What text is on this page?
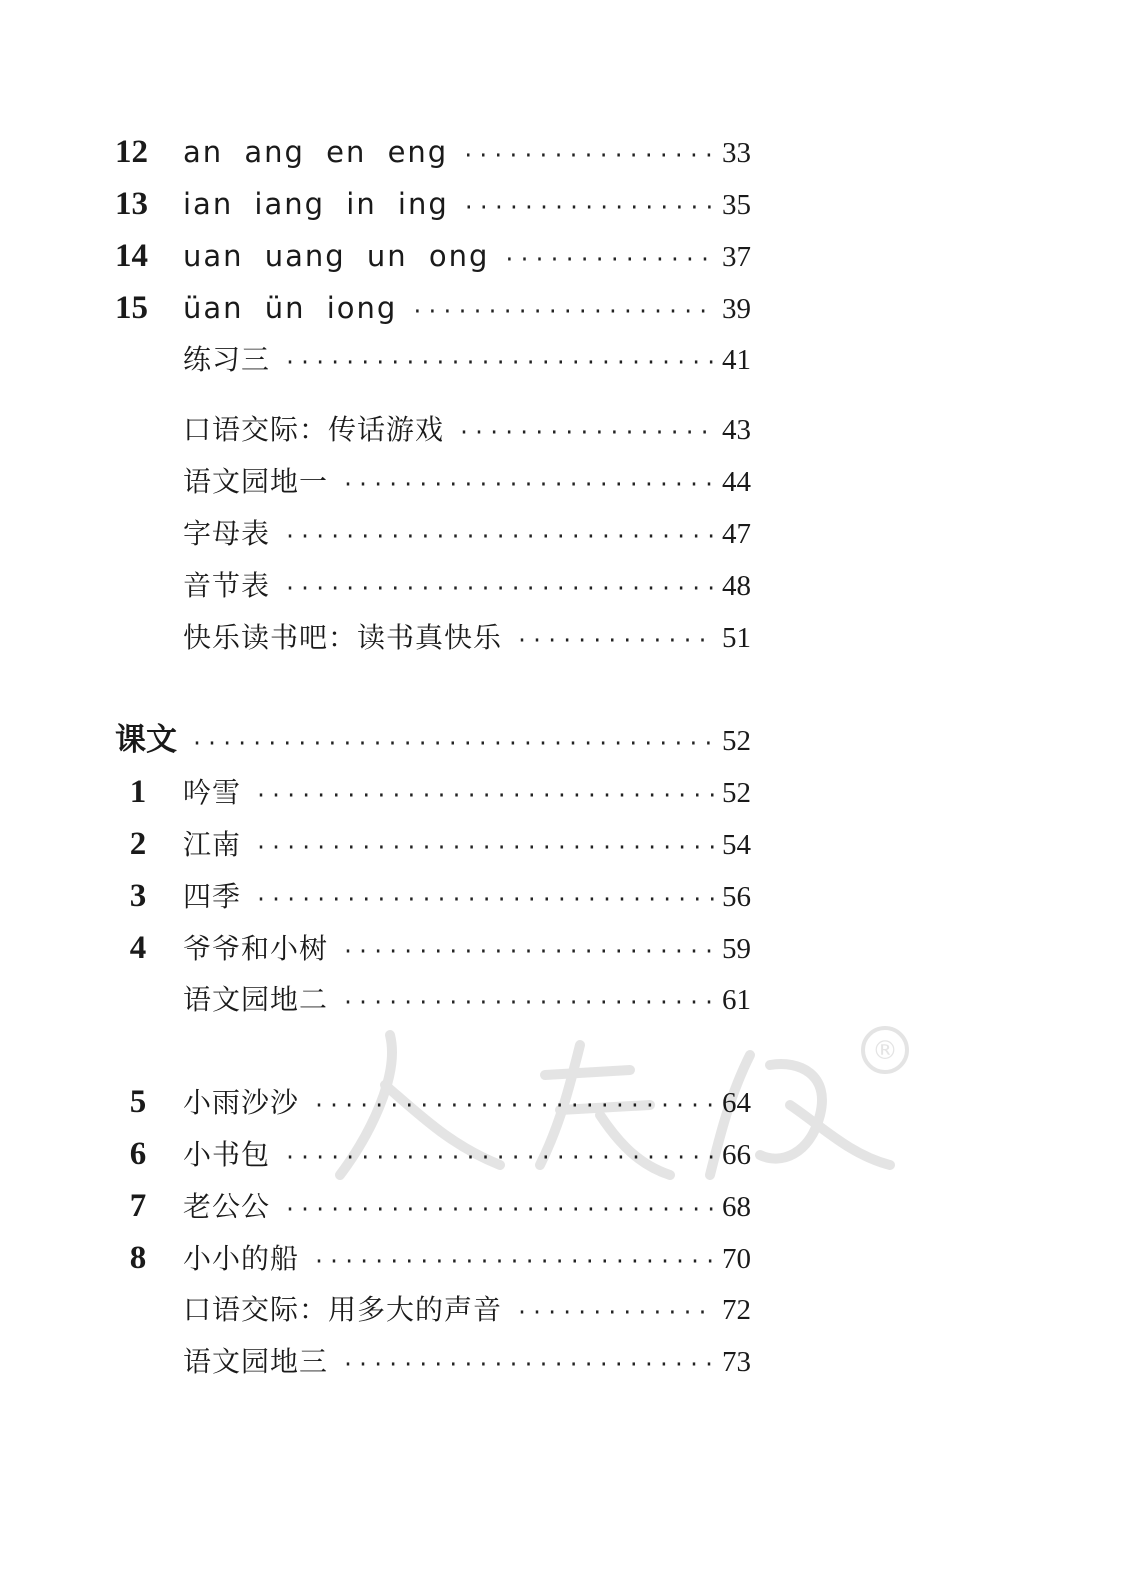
12	an ang en eng ·····	33
13	ian iang in ing ·····	35
14	uan uang un ong ·····	37
15	üan ün iong ·····	39
练习三 ·····	41
口语交际：传话游戏 ·····	43
语文园地一 ·····	44
字母表 ·····	47
音节表 ·····	48
快乐读书吧：读书真快乐 ·····	51
课文 ·····	52
1	吟雪 ·····	52
2	江南 ·····	54
3	四季 ·····	56
4	爷爷和小树 ·····	59
语文园地二 ·····	61
5	小雨沙沙 ·····	64
6	小书包 ·····	66
7	老公公 ·····	68
8	小小的船 ·····	70
口语交际：用多大的声音 ·····	72
语文园地三 ·····	73
®
